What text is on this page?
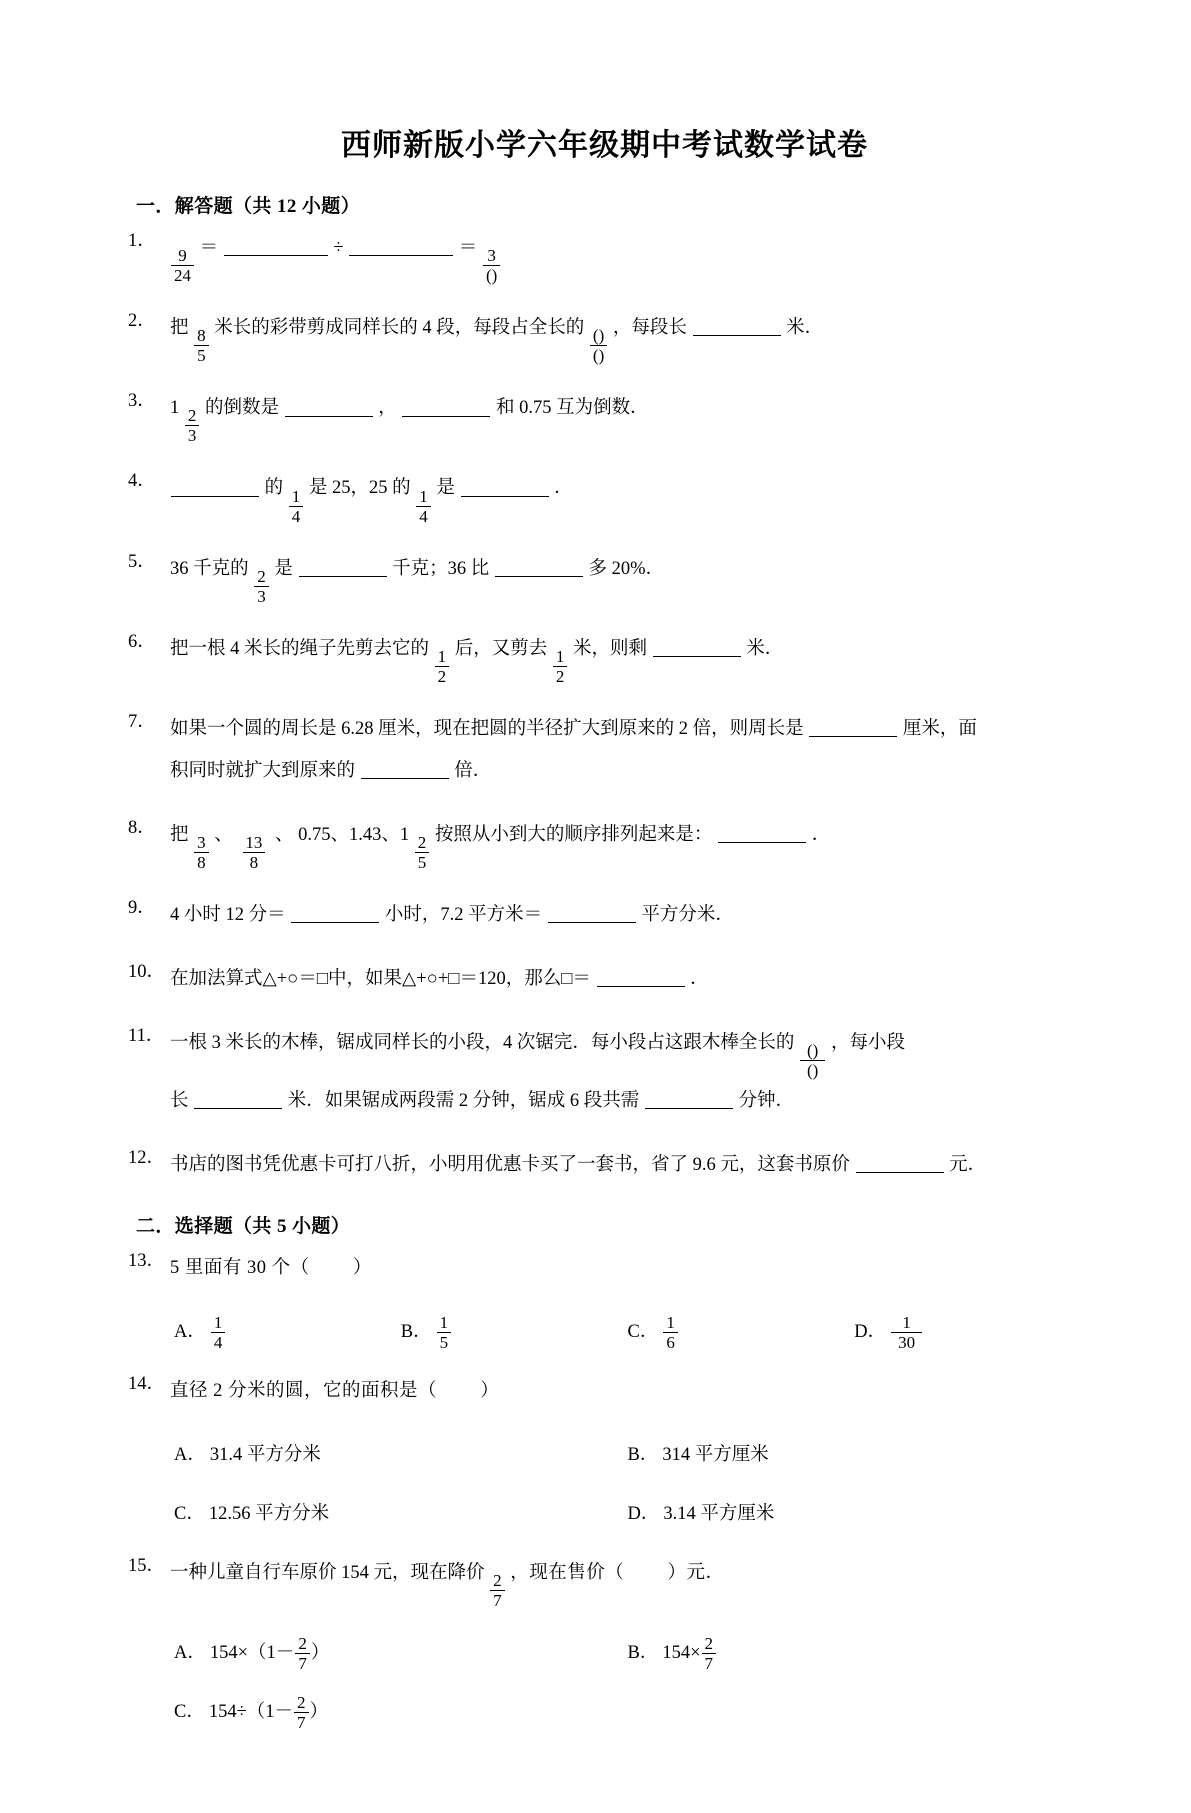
西师新版小学六年级期中考试数学试卷
一．解答题（共 12 小题）
1．
$\frac{9}{24}$ ＝	÷	＝ $\frac{3}{()}$
2． 把 $\frac{8}{5}$ 米长的彩带剪成同样长的 4 段，每段占全长的 $\frac{()}{()}$ ，每段长	米．
3． $1 \frac{2}{3}$ 的倒数是	，	和 0.75 互为倒数．
4．	的 $\frac{1}{4}$ 是 25，25 的 $\frac{1}{4}$ 是	．
5． 36 千克的 $\frac{2}{3}$ 是	千克；36 比	多 20%．
6． 把一根 4 米长的绳子先剪去它的 $\frac{1}{2}$ 后，又剪去 $\frac{1}{2}$ 米，则剩	米．
7． 如果一个圆的周长是 6.28 厘米，现在把圆的半径扩大到原来的 2 倍，则周长是	厘米，面
积同时就扩大到原来的	倍．
8． 把 $\frac{3}{8}$ 、 $\frac{13}{8}$ 、 0.75、1.43、$1 \frac{2}{5}$ 按照从小到大的顺序排列起来是：	．
9． 4 小时 12 分＝	小时，7.2 平方米＝	平方分米．
10． 在加法算式△+○＝□中，如果△+○+□＝120，那么□＝	．
11． 一根 3 米长的木棒，锯成同样长的小段，4 次锯完．每小段占这跟木棒全长的 $\frac{()}{()}$ ，每小段
长	米．如果锯成两段需 2 分钟，锯成 6 段共需	分钟．
12． 书店的图书凭优惠卡可打八折，小明用优惠卡买了一套书，省了 9.6 元，这套书原价	元．
二．选择题（共 5 小题）
13． 5 里面有 30 个（ ）
A． $\frac{1}{4}$	B． $\frac{1}{5}$	C． $\frac{1}{6}$	D． $\frac{1}{30}$
14． 直径 2 分米的圆，它的面积是（ ）
A． 31.4 平方分米	B． 314 平方厘米
C． 12.56 平方分米	D． 3.14 平方厘米
15． 一种儿童自行车原价 154 元，现在降价 $\frac{2}{7}$ ，现在售价（ ）元．
A． $154\times(1- \frac{2}{7}$ ）	B． $154\times \frac{2}{7}$
C． $154\div(1- \frac{2}{7}$ ）
